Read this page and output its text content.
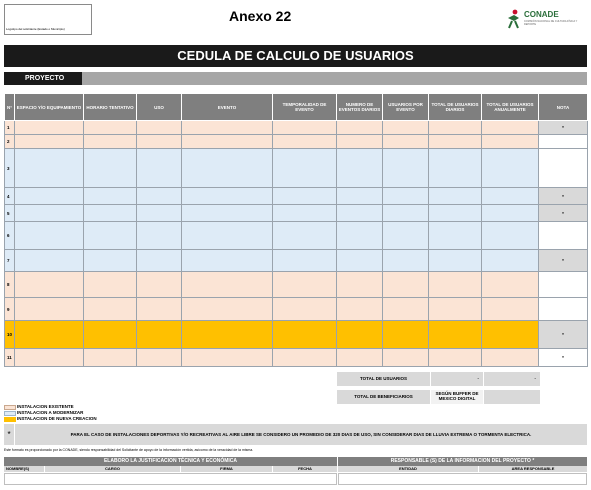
Logotipo del solicitante (Estado o Municipio)
Anexo 22	CONADE
COMISIÓN NACIONAL DE CULTURA FÍSICA Y DEPORTE
CEDULA DE CALCULO DE USUARIOS
PROYECTO
N°	ESPACIO Y/O EQUIPAMIENTO	HORARIO TENTATIVO	USO	EVENTO	TEMPORALIDAD DE EVENTO	NUMERO DE EVENTOS DIARIOS	USUARIOS POR EVENTO	TOTAL DE USUARIOS DIARIOS	TOTAL DE USUARIOS ANUALMENTE	NOTA
1										*
2										
3										
4										*
5										*
6										
7										*
8										
9										
10										*
11										*
TOTAL DE USUARIOS	-	-
TOTAL DE BENEFICIARIOS
SEGÚN BUFFER DE MEXICO DIGITAL
INSTALACION EXISTENTE
INSTALACION A MODERNIZAR
INSTALACION DE NUEVA CREACION
*	PARA EL CASO DE INSTALACIONES DEPORTIVAS Y/O RECREATIVAS AL AIRE LIBRE SE CONSIDERO UN PROMEDIO DE 320 DIAS DE USO, SIN CONSIDERAR DIAS DE LLUVIA EXTREMA O TORMENTA ELECTRICA.
Este formato es proporcionado por la CONADE, siendo responsabilidad del Solicitante de apoyo de la información vertida, asícomo de la veracidad de la misma.
ELABORO LA JUSTIFICACION TÉCNICA Y ECONÓMICA
NOMBRE(S)	CARGO	FIRMA	FECHA
RESPONSABLE (S) DE LA INFORMACION DEL PROYECTO *
ENTIDAD	AREA RESPONSABLE
